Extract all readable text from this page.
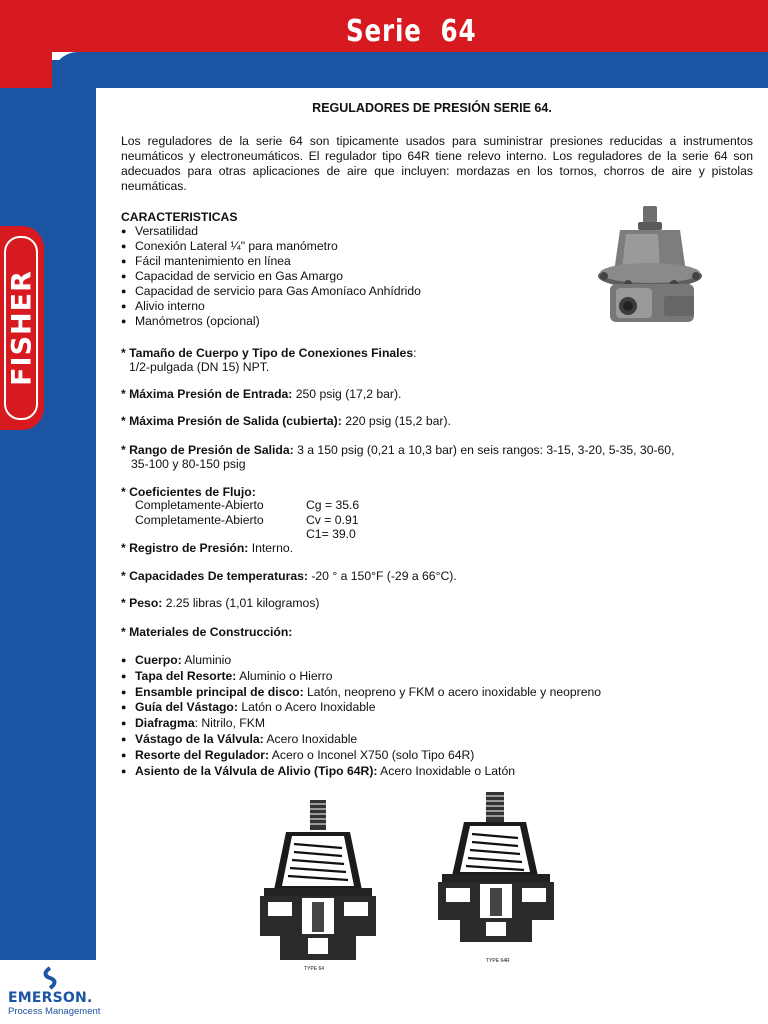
Serie  64
FISHER
REGULADORES DE PRESIÓN SERIE 64.
Los reguladores de la serie 64 son tipicamente usados para suministrar presiones reducidas a instrumentos neumáticos y electroneumáticos. El regulador tipo 64R tiene relevo interno. Los reguladores de la serie 64 son adecuados para otras aplicaciones de aire que incluyen: mordazas en los tornos, chorros de aire y pistolas neumáticas.
CARACTERISTICAS
● Versatilidad
● Conexión Lateral ¼" para manómetro
● Fácil mantenimiento en línea
● Capacidad de servicio en Gas Amargo
● Capacidad de servicio para Gas Amoníaco Anhídrido
● Alivio interno
● Manómetros (opcional)
* Tamaño de Cuerpo y Tipo de Conexiones Finales:
1/2-pulgada (DN 15) NPT.
* Máxima Presión de Entrada: 250 psig (17,2 bar).
* Máxima Presión de Salida (cubierta): 220 psig (15,2 bar).
* Rango de Presión de Salida: 3 a 150 psig (0,21 a 10,3 bar) en seis rangos: 3-15, 3-20, 5-35, 30-60,
35-100 y 80-150 psig
* Coeficientes de Flujo:
Completamente-Abierto	Cg = 35.6
Completamente-Abierto	Cv = 0.91
C1= 39.0
* Registro de Presión: Interno.
* Capacidades De temperaturas: -20 ° a 150°F (-29 a 66°C).
* Peso: 2.25 libras (1,01 kilogramos)
* Materiales de Construcción:
● Cuerpo: Aluminio
● Tapa del Resorte: Aluminio o Hierro
● Ensamble principal de disco: Latón, neopreno y FKM o acero inoxidable y neopreno
● Guía del Vástago: Latón o Acero Inoxidable
● Diafragma: Nitrilo, FKM
● Vástago de la Válvula: Acero Inoxidable
● Resorte del Regulador: Acero o Inconel X750 (solo Tipo 64R)
● Asiento de la Válvula de Alivio (Tipo 64R): Acero Inoxidable o Latón
TYPE 64
TYPE 64R
EMERSON.
Process Management
